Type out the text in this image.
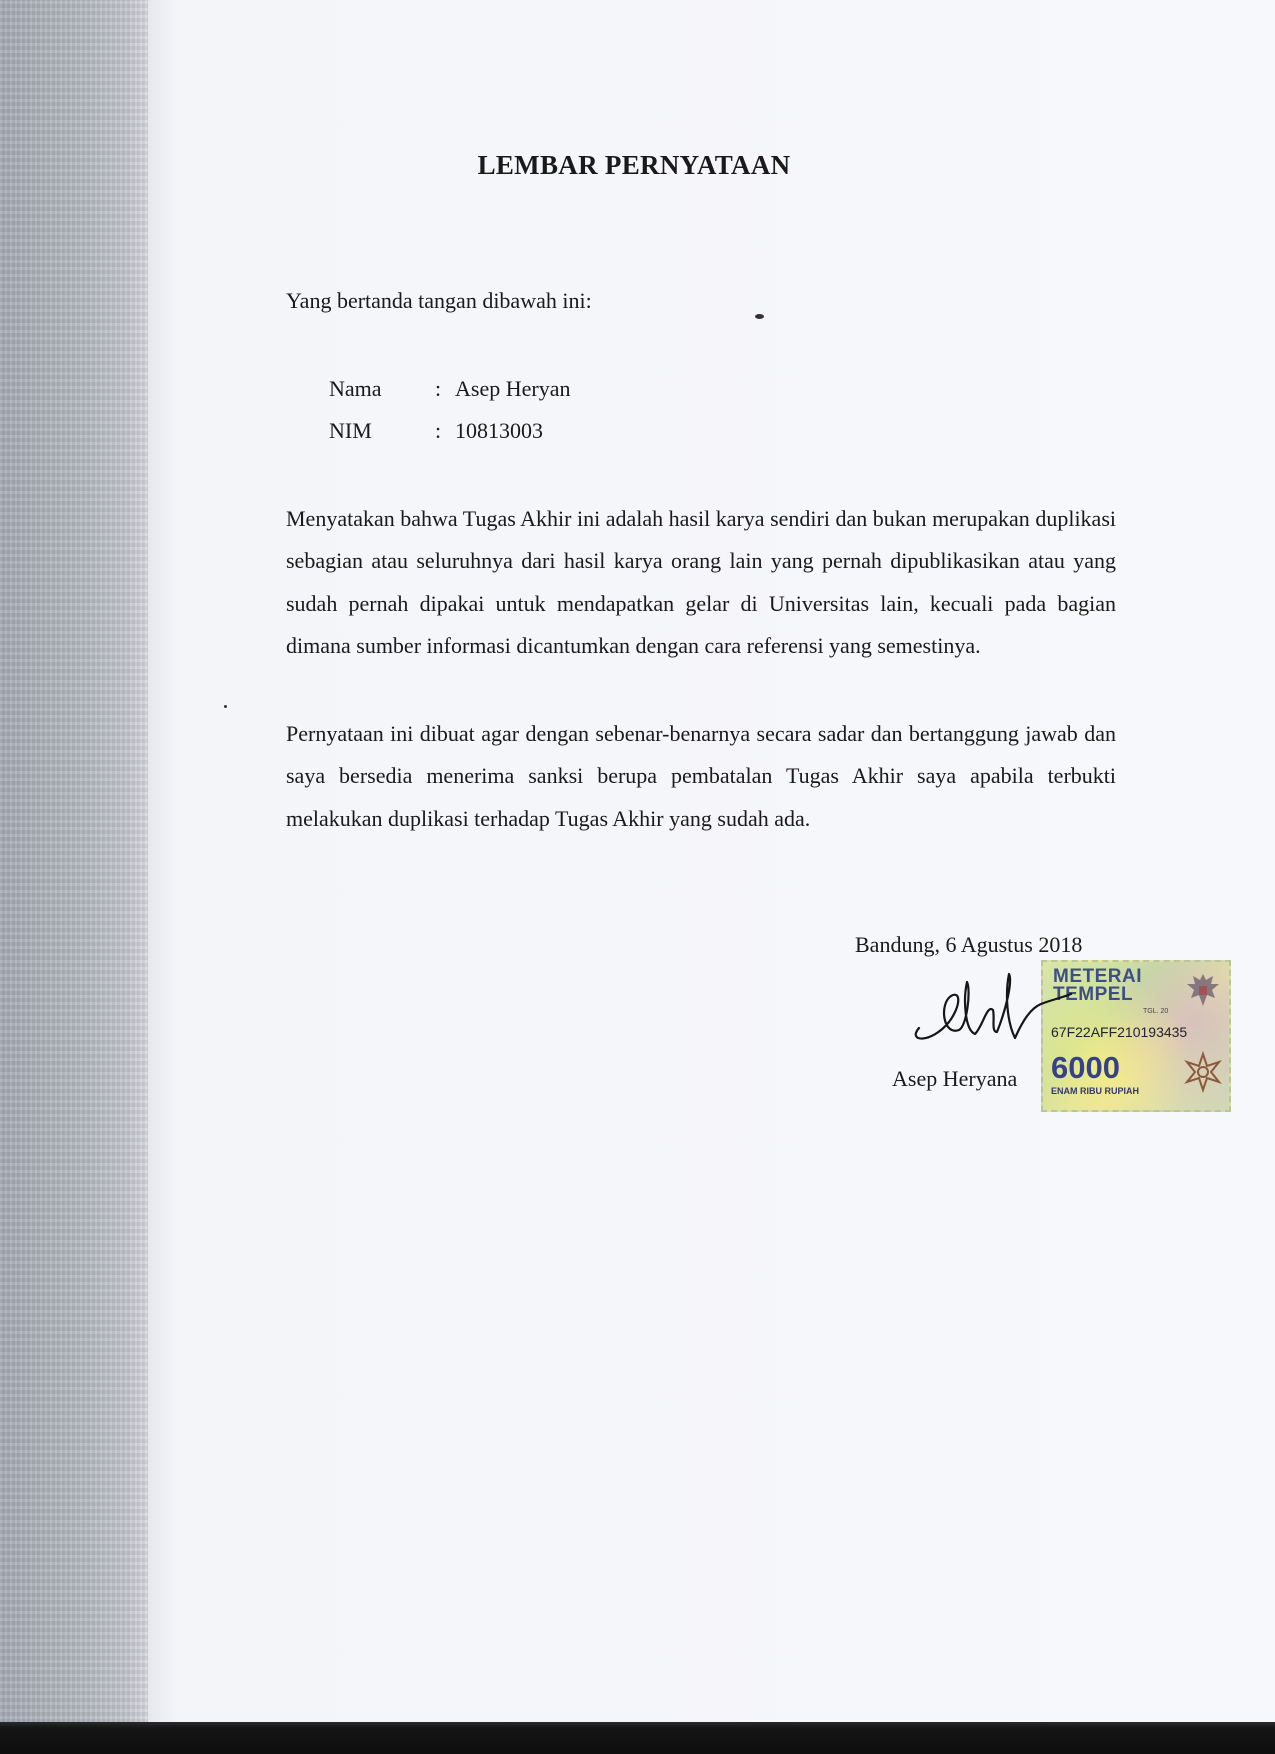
LEMBAR PERNYATAAN
Yang bertanda tangan dibawah ini:
Nama : Asep Heryan
NIM	: 10813003

Menyatakan bahwa Tugas Akhir ini adalah hasil karya sendiri dan bukan merupakan duplikasi sebagian atau seluruhnya dari hasil karya orang lain yang pernah dipublikasikan atau yang sudah pernah dipakai untuk mendapatkan gelar di Universitas lain, kecuali pada bagian dimana sumber informasi dicantumkan dengan cara referensi yang semestinya.

Pernyataan ini dibuat agar dengan sebenar-benarnya secara sadar dan bertanggung jawab dan saya bersedia menerima sanksi berupa pembatalan Tugas Akhir saya apabila terbukti melakukan duplikasi terhadap Tugas Akhir yang sudah ada.

Bandung, 6 Agustus 2018
METERAI
TEMPEL
TGL. 20
67F22AFF210193435
6000
ENAM RIBU RUPIAH
Asep Heryana
